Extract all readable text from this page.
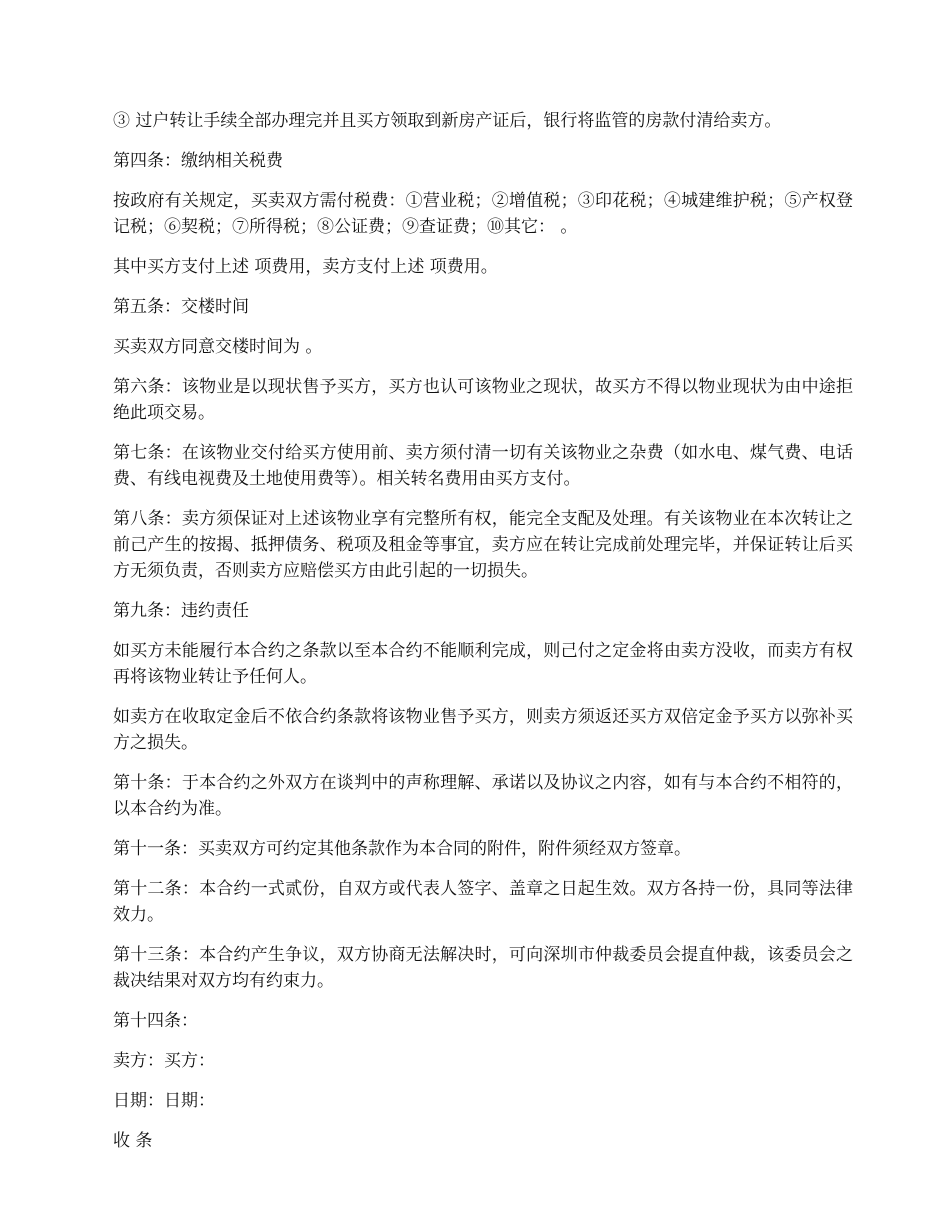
③ 过户转让手续全部办理完并且买方领取到新房产证后，银行将监管的房款付清给卖方。

第四条：缴纳相关税费

按政府有关规定，买卖双方需付税费：①营业税；②增值税；③印花税；④城建维护税；⑤产权登记税；⑥契税；⑦所得税；⑧公证费；⑨查证费；⑩其它： 。

其中买方支付上述 项费用，卖方支付上述 项费用。

第五条：交楼时间

买卖双方同意交楼时间为 。

第六条：该物业是以现状售予买方，买方也认可该物业之现状，故买方不得以物业现状为由中途拒绝此项交易。

第七条：在该物业交付给买方使用前、卖方须付清一切有关该物业之杂费（如水电、煤气费、电话费、有线电视费及土地使用费等）。相关转名费用由买方支付。

第八条：卖方须保证对上述该物业享有完整所有权，能完全支配及处理。有关该物业在本次转让之前己产生的按揭、抵押债务、税项及租金等事宜，卖方应在转让完成前处理完毕，并保证转让后买方无须负责，否则卖方应赔偿买方由此引起的一切损失。

第九条：违约责任

如买方未能履行本合约之条款以至本合约不能顺利完成，则己付之定金将由卖方没收，而卖方有权再将该物业转让予任何人。

如卖方在收取定金后不依合约条款将该物业售予买方，则卖方须返还买方双倍定金予买方以弥补买方之损失。

第十条：于本合约之外双方在谈判中的声称理解、承诺以及协议之内容，如有与本合约不相符的，以本合约为准。

第十一条：买卖双方可约定其他条款作为本合同的附件，附件须经双方签章。

第十二条：本合约一式贰份，自双方或代表人签字、盖章之日起生效。双方各持一份，具同等法律效力。

第十三条：本合约产生争议，双方协商无法解决时，可向深圳市仲裁委员会提直仲裁，该委员会之裁决结果对双方均有约束力。

第十四条：

卖方：买方：

日期：日期：

收 条
